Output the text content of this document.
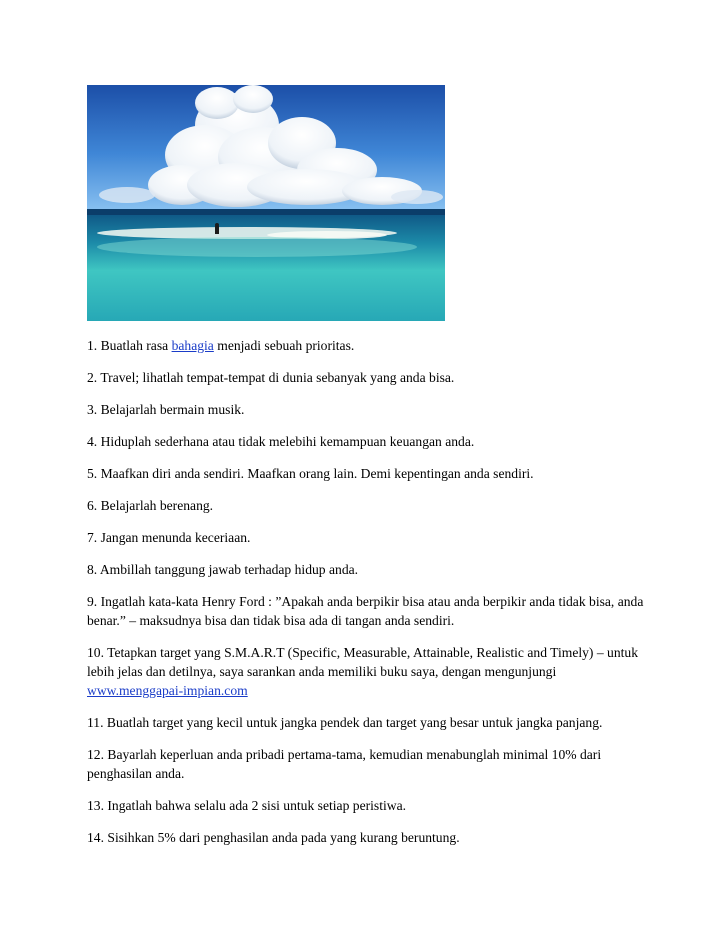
1. Buatlah rasa bahagia menjadi sebuah prioritas.

2. Travel; lihatlah tempat-tempat di dunia sebanyak yang anda bisa.

3. Belajarlah bermain musik.

4. Hiduplah sederhana atau tidak melebihi kemampuan keuangan anda.

5. Maafkan diri anda sendiri. Maafkan orang lain. Demi kepentingan anda sendiri.

6. Belajarlah berenang.

7. Jangan menunda keceriaan.

8. Ambillah tanggung jawab terhadap hidup anda.

9. Ingatlah kata-kata Henry Ford : ”Apakah anda berpikir bisa atau anda berpikir anda tidak bisa, anda benar.” – maksudnya bisa dan tidak bisa ada di tangan anda sendiri.

10. Tetapkan target yang S.M.A.R.T (Specific, Measurable, Attainable, Realistic and Timely) – untuk lebih jelas dan detilnya, saya sarankan anda memiliki buku saya, dengan mengunjungi
www.menggapai-impian.com

11. Buatlah target yang kecil untuk jangka pendek dan target yang besar untuk jangka panjang.

12. Bayarlah keperluan anda pribadi pertama-tama, kemudian menabunglah minimal 10% dari penghasilan anda.

13. Ingatlah bahwa selalu ada 2 sisi untuk setiap peristiwa.

14. Sisihkan 5% dari penghasilan anda pada yang kurang beruntung.
